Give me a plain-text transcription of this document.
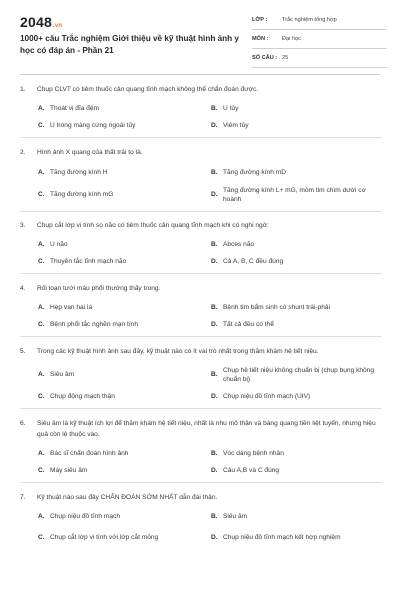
2048.vn
1000+ câu Trắc nghiệm Giới thiệu về kỹ thuật hình ảnh y học có đáp án - Phần 21
LỚP :	Trắc nghiệm tổng hợp
MÔN :	Đại học
SỐ CÂU : 25
1.	Chụp CLVT có tiêm thuốc cản quang tĩnh mạch không thể chẩn đoán được.
A. Thoát vị đĩa đệm	B. U tủy
C. U trong màng cứng ngoài tủy	D. Viêm tủy
2.	Hình ảnh X quang của thất trái to là.
A. Tăng đường kính H	B. Tăng đường kính mD
C. Tăng đường kính mG	D.
Tăng đường kính L+ mG, mỏm tim chìm dưới cơ hoành
3.	Chụp cắt lớp vi tính sọ não có tiêm thuốc cản quang tĩnh mạch khi có nghi ngờ:
A. U não	B. Abces não
C. Thuyên tắc tĩnh mạch não	D. Cả A, B, C đều đúng
4.	Rối loạn tưới máu phổi thường thấy trong.
A. Hẹp van hai lá	B. Bệnh tim bẩm sinh có shunt trái-phải
C. Bệnh phổi tắc nghẽn mạn tính	D. Tất cả đều có thể
5.	Trong các kỹ thuật hình ảnh sau đây, kỹ thuật nào có ít vai trò nhất trong thăm khám hệ tiết niệu.
A. Siêu âm	B.
Chụp hệ tiết niệu không chuẩn bị (chụp bụng không chuẩn bị)
C. Chụp động mạch thận	D. Chụp niệu đồ tĩnh mạch (UIV)
6.	Siêu âm là kỹ thuật ích lợi để thăm khám hệ tiết niệu, nhất là nhu mô thận và bàng quang tiền liệt tuyến, nhưng hiệu quả còn lệ thuộc vào.
A. Bác sĩ chẩn đoán hình ảnh	B. Vóc dáng bệnh nhân
C. Máy siêu âm	D. Câu A,B và C đúng
7.	Kỹ thuật nào sau đây CHẨN ĐOÁN SỚM NHẤT dẫn đái thận.
A. Chụp niệu đồ tĩnh mạch	B. Siêu âm
C. Chụp cắt lớp vi tính với lớp cắt mỏng	D. Chụp niệu đồ tĩnh mạch kết hợp nghiệm
